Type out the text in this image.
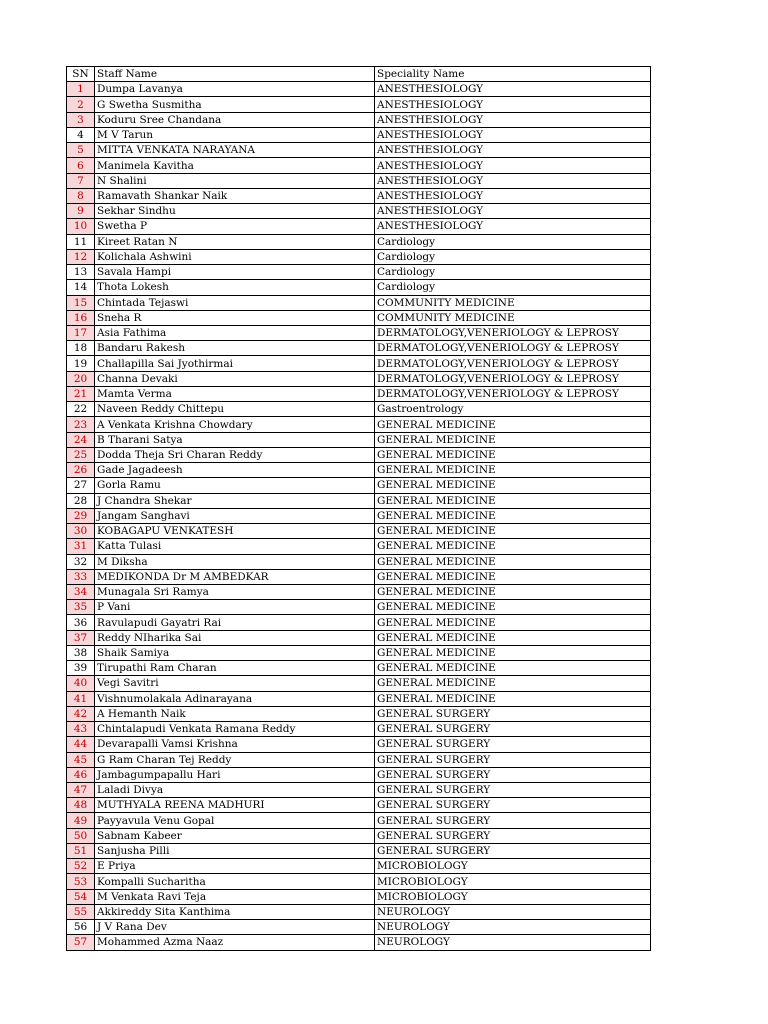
SN	Staff Name	Speciality Name
1	Dumpa Lavanya	ANESTHESIOLOGY
2	G Swetha Susmitha	ANESTHESIOLOGY
3	Koduru Sree Chandana	ANESTHESIOLOGY
4	M V Tarun	ANESTHESIOLOGY
5	MITTA VENKATA NARAYANA	ANESTHESIOLOGY
6	Manimela Kavitha	ANESTHESIOLOGY
7	N Shalini	ANESTHESIOLOGY
8	Ramavath Shankar Naik	ANESTHESIOLOGY
9	Sekhar Sindhu	ANESTHESIOLOGY
10	Swetha P	ANESTHESIOLOGY
11	Kireet Ratan N	Cardiology
12	Kolichala Ashwini	Cardiology
13	Savala Hampi	Cardiology
14	Thota Lokesh	Cardiology
15	Chintada Tejaswi	COMMUNITY MEDICINE
16	Sneha R	COMMUNITY MEDICINE
17	Asia Fathima	DERMATOLOGY,VENERIOLOGY & LEPROSY
18	Bandaru Rakesh	DERMATOLOGY,VENERIOLOGY & LEPROSY
19	Challapilla Sai Jyothirmai	DERMATOLOGY,VENERIOLOGY & LEPROSY
20	Channa Devaki	DERMATOLOGY,VENERIOLOGY & LEPROSY
21	Mamta Verma	DERMATOLOGY,VENERIOLOGY & LEPROSY
22	Naveen Reddy Chittepu	Gastroentrology
23	A Venkata Krishna Chowdary	GENERAL MEDICINE
24	B Tharani Satya	GENERAL MEDICINE
25	Dodda Theja Sri Charan Reddy	GENERAL MEDICINE
26	Gade Jagadeesh	GENERAL MEDICINE
27	Gorla Ramu	GENERAL MEDICINE
28	J Chandra Shekar	GENERAL MEDICINE
29	Jangam Sanghavi	GENERAL MEDICINE
30	KOBAGAPU VENKATESH	GENERAL MEDICINE
31	Katta Tulasi	GENERAL MEDICINE
32	M Diksha	GENERAL MEDICINE
33	MEDIKONDA Dr M AMBEDKAR	GENERAL MEDICINE
34	Munagala Sri Ramya	GENERAL MEDICINE
35	P Vani	GENERAL MEDICINE
36	Ravulapudi Gayatri Rai	GENERAL MEDICINE
37	Reddy NIharika Sai	GENERAL MEDICINE
38	Shaik Samiya	GENERAL MEDICINE
39	Tirupathi Ram Charan	GENERAL MEDICINE
40	Vegi Savitri	GENERAL MEDICINE
41	Vishnumolakala Adinarayana	GENERAL MEDICINE
42	A Hemanth Naik	GENERAL SURGERY
43	Chintalapudi Venkata Ramana Reddy	GENERAL SURGERY
44	Devarapalli Vamsi Krishna	GENERAL SURGERY
45	G Ram Charan Tej Reddy	GENERAL SURGERY
46	Jambagumpapallu Hari	GENERAL SURGERY
47	Laladi Divya	GENERAL SURGERY
48	MUTHYALA REENA MADHURI	GENERAL SURGERY
49	Payyavula Venu Gopal	GENERAL SURGERY
50	Sabnam Kabeer	GENERAL SURGERY
51	Sanjusha Pilli	GENERAL SURGERY
52	E Priya	MICROBIOLOGY
53	Kompalli Sucharitha	MICROBIOLOGY
54	M Venkata Ravi Teja	MICROBIOLOGY
55	Akkireddy Sita Kanthima	NEUROLOGY
56	J V Rana Dev	NEUROLOGY
57	Mohammed Azma Naaz	NEUROLOGY
